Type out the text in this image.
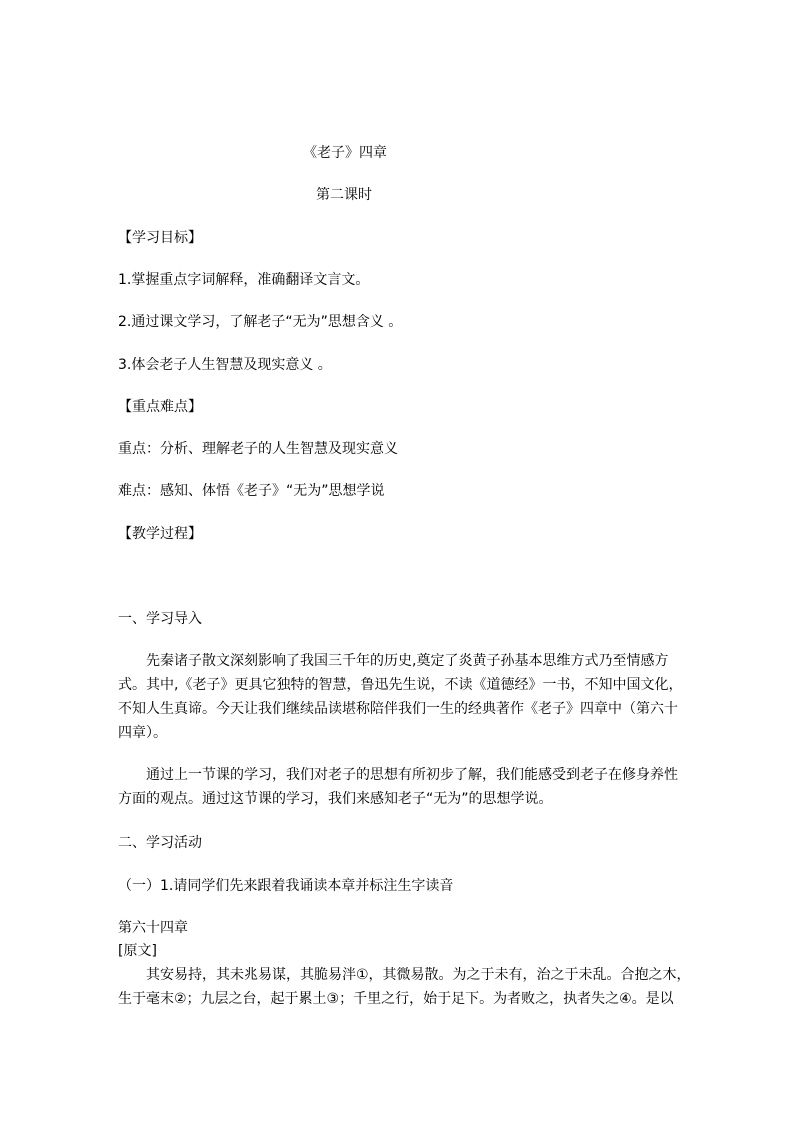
《老子》四章
第二课时
【学习目标】
1.掌握重点字词解释，准确翻译文言文。
2.通过课文学习，了解老子“无为”思想含义 。
3.体会老子人生智慧及现实意义 。
【重点难点】
重点：分析、理解老子的人生智慧及现实意义
难点：感知、体悟《老子》“无为”思想学说
【教学过程】
一、学习导入
先秦诸子散文深刻影响了我国三千年的历史,奠定了炎黄子孙基本思维方式乃至情感方
式。其中,《老子》更具它独特的智慧，鲁迅先生说，不读《道德经》一书，不知中国文化，
不知人生真谛。今天让我们继续品读堪称陪伴我们一生的经典著作《老子》四章中（第六十
四章）。
通过上一节课的学习，我们对老子的思想有所初步了解，我们能感受到老子在修身养性
方面的观点。通过这节课的学习，我们来感知老子“无为”的思想学说。
二、学习活动
（一）1.请同学们先来跟着我诵读本章并标注生字读音
第六十四章
[原文]
其安易持，其未兆易谋，其脆易泮①，其微易散。为之于未有，治之于未乱。合抱之木，
生于毫末②；九层之台，起于累土③；千里之行，始于足下。为者败之，执者失之④。是以
